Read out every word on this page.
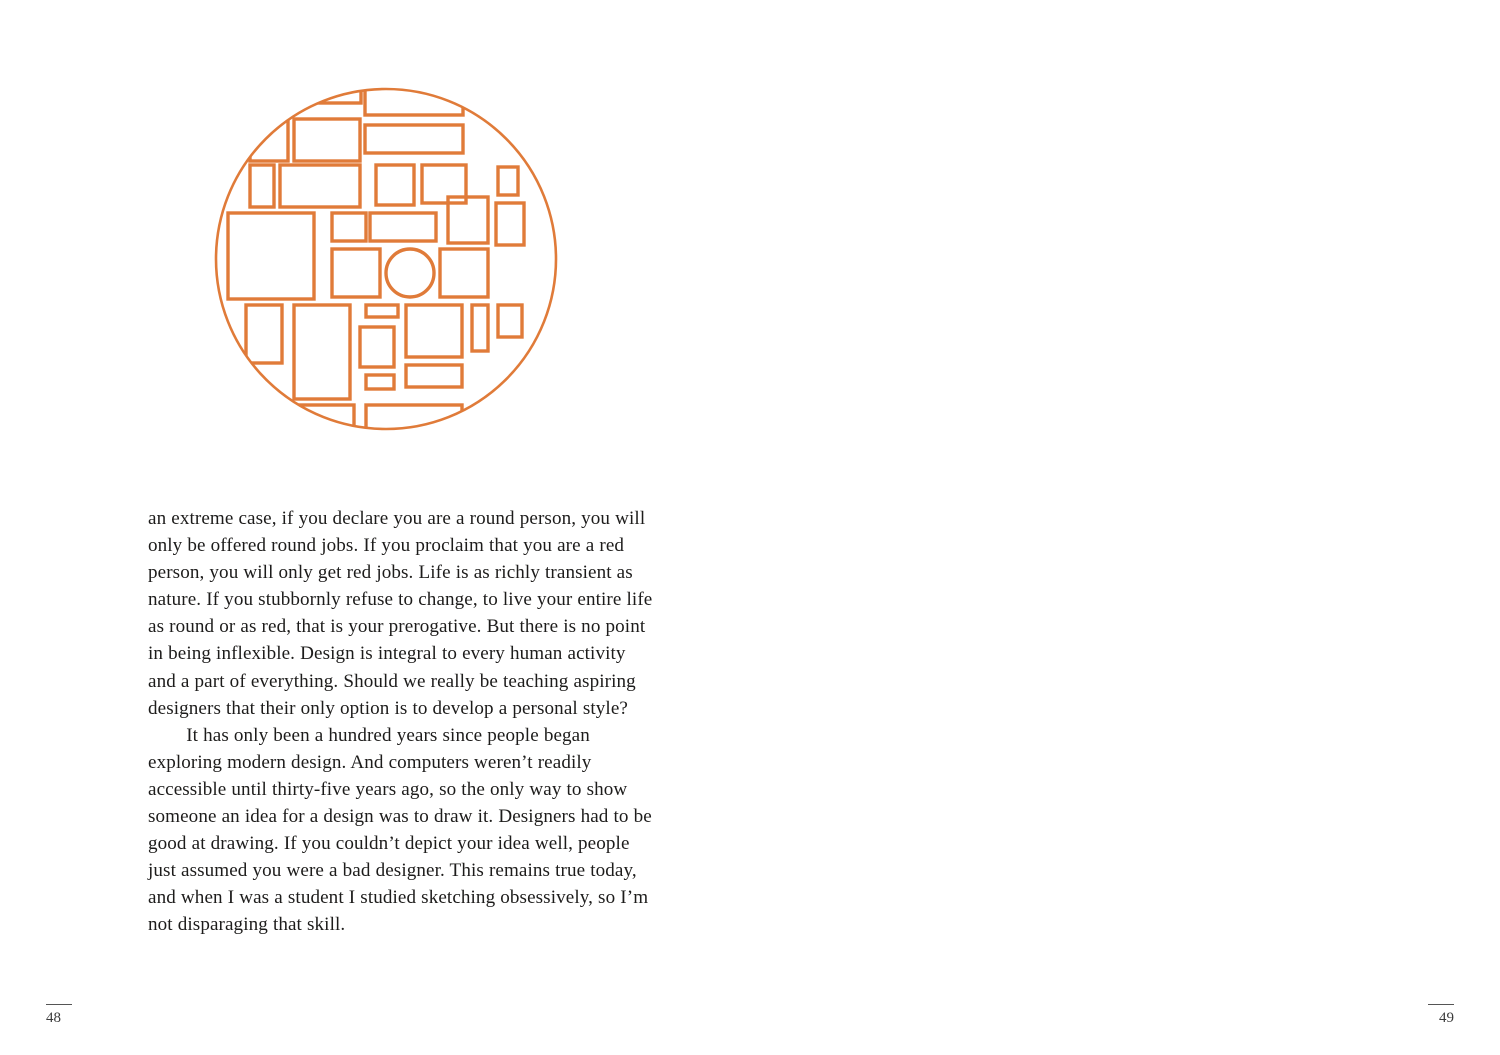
an extreme case, if you declare you are a round person, you will only be offered round jobs. If you proclaim that you are a red person, you will only get red jobs. Life is as richly transient as nature. If you stubbornly refuse to change, to live your entire life as round or as red, that is your prerogative. But there is no point in being inflexible. Design is integral to every human activity and a part of everything. Should we really be teaching aspiring designers that their only option is to develop a personal style?

It has only been a hundred years since people began exploring modern design. And computers weren’t readily accessible until thirty-five years ago, so the only way to show someone an idea for a design was to draw it. Designers had to be good at drawing. If you couldn’t depict your idea well, people just assumed you were a bad designer. This remains true today, and when I was a student I studied sketching obsessively, so I’m not disparaging that skill.

48	49
